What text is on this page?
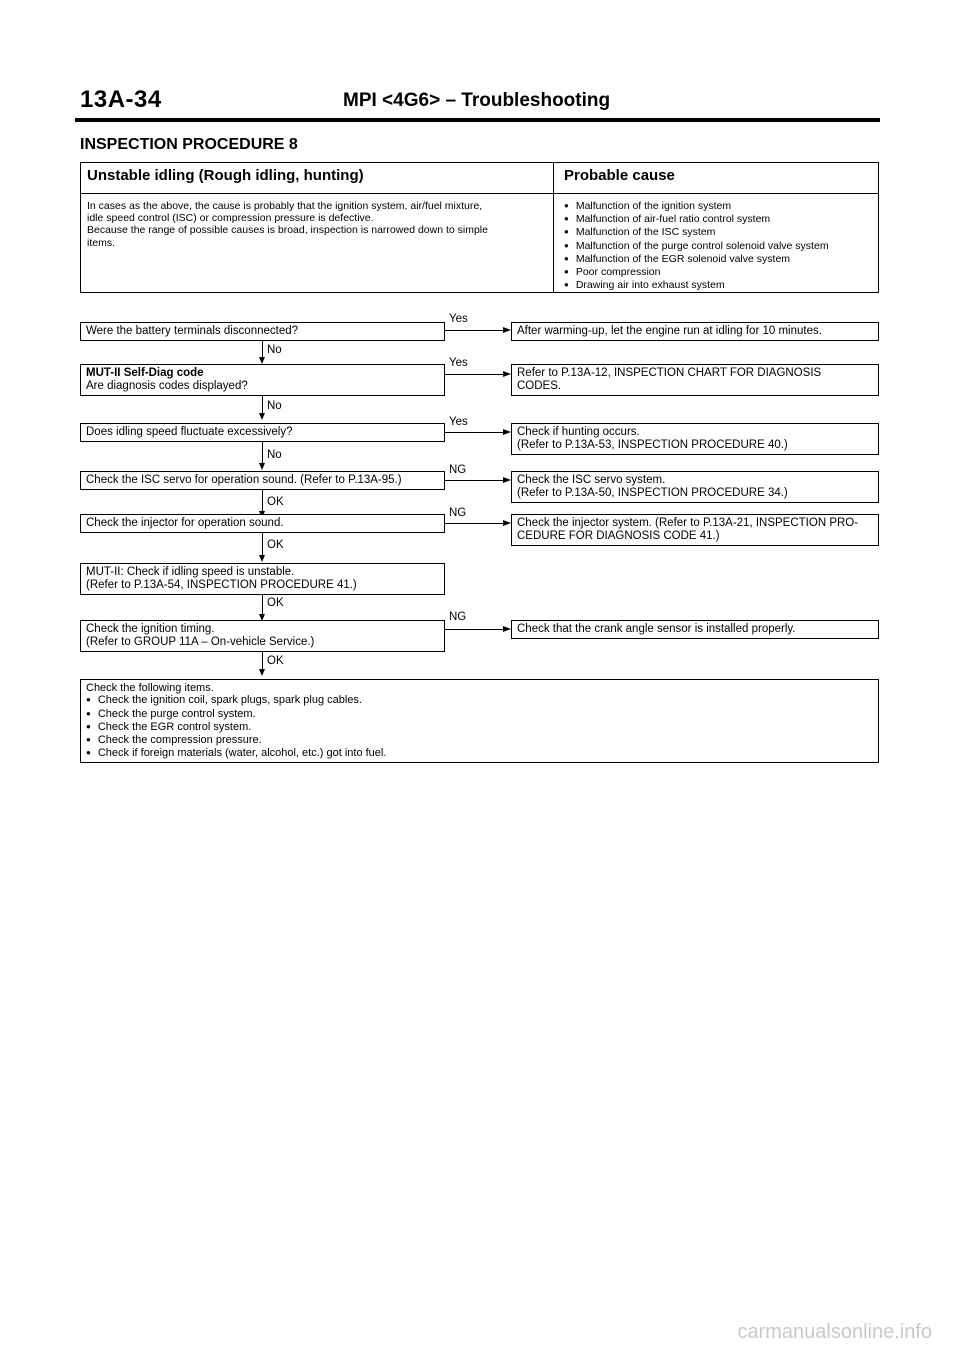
13A-34	MPI <4G6> – Troubleshooting
INSPECTION PROCEDURE 8
Unstable idling (Rough idling, hunting)	Probable cause
In cases as the above, the cause is probably that the ignition system, air/fuel mixture,
idle speed control (ISC) or compression pressure is defective.
Because the range of possible causes is broad, inspection is narrowed down to simple
items.
● Malfunction of the ignition system
● Malfunction of air-fuel ratio control system
● Malfunction of the ISC system
● Malfunction of the purge control solenoid valve system
● Malfunction of the EGR solenoid valve system
● Poor compression
● Drawing air into exhaust system
Were the battery terminals disconnected?
Yes
After warming-up, let the engine run at idling for 10 minutes.
No
MUT-II Self-Diag code
Are diagnosis codes displayed?
Yes
Refer to P.13A-12, INSPECTION CHART FOR DIAGNOSIS
CODES.
No
Does idling speed fluctuate excessively?
Yes
Check if hunting occurs.
(Refer to P.13A-53, INSPECTION PROCEDURE 40.)
No
Check the ISC servo for operation sound. (Refer to P.13A-95.)
NG
Check the ISC servo system.
(Refer to P.13A-50, INSPECTION PROCEDURE 34.)
OK
Check the injector for operation sound.
NG
Check the injector system. (Refer to P.13A-21, INSPECTION PRO-
CEDURE FOR DIAGNOSIS CODE 41.)
OK
MUT-II: Check if idling speed is unstable.
(Refer to P.13A-54, INSPECTION PROCEDURE 41.)
OK
Check the ignition timing.
(Refer to GROUP 11A – On-vehicle Service.)
NG
Check that the crank angle sensor is installed properly.
OK
Check the following items.
● Check the ignition coil, spark plugs, spark plug cables.
● Check the purge control system.
● Check the EGR control system.
● Check the compression pressure.
● Check if foreign materials (water, alcohol, etc.) got into fuel.
carmanualsonline.info
